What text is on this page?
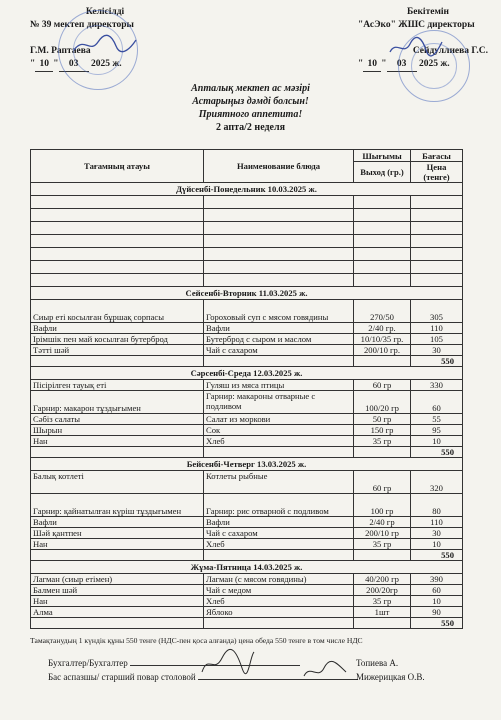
Келісілді
№ 39 мектеп директоры
Г.М. Раптаева
" 10 " 03 2025 ж.
Бекітемін
"АсЭко" ЖШС директоры
Сейдуллиева Г.С.
" 10 " 03 2025 ж.
Апталық мектеп ас мәзірі
Астарыңыз дәмді болсын!
Приятного аппетита!
2 апта/2 неделя
Тағамның атауы	Наименование блюда	Шығымы	Бағасы
		Выход (гр.)	Цена (тенге)
Дүйсенбі-Понедельник 10.03.2025 ж.			

Сейсенбі-Вторник 11.03.2025 ж.			
Сиыр еті косылған бұршақ сорпасы	Гороховый суп с мясом говядины	270/50	305
Вафли	Вафли	2/40 гр.	110
Ірімшік пен май косылған бутерброд	Бутерброд с сыром и маслом	10/10/35 гр.	105
Тәтті шәй	Чай с сахаром	200/10 гр.	30
			550
Сәрсенбі-Среда 12.03.2025 ж.			
Пісірілген тауық еті	Гуляш из мяса птицы	60 гр	330
Гарнир: макарон тұздығымен	Гарнир: макароны отварные с подливом	100/20 гр	60
Сәбіз салаты	Салат из моркови	50 гр	55
Шырын	Сок	150 гр	95
Нан	Хлеб	35 гр	10
			550
Бейсенбі-Четверг 13.03.2025 ж.			
Балық котлеті	Котлеты рыбные	60 гр	320
Гарнир: қайнатылған күріш тұздығымен	Гарнир: рис отварной с подливом	100 гр	80
Вафли	Вафли	2/40 гр	110
Шәй қантпен	Чай с сахаром	200/10 гр	30
Нан	Хлеб	35 гр	10
			550
Жұма-Пятница 14.03.2025 ж.			
Лагман (сиыр етімен)	Лагман (с мясом говядины)	40/200 гр	390
Балмен шәй	Чай с медом	200/20гр	60
Нан	Хлеб	35 гр	10
Алма	Яблоко	1шт	90
			550
Тамақтанудың 1 күндік құны 550 тенге (НДС-пен қоса алғанда) цена обеда 550 тенге в том числе НДС
Бухгалтер/Бухгалтер	Топиева А.
Бас аспазшы/ старший повар столовой	Мижерицкая О.В.
